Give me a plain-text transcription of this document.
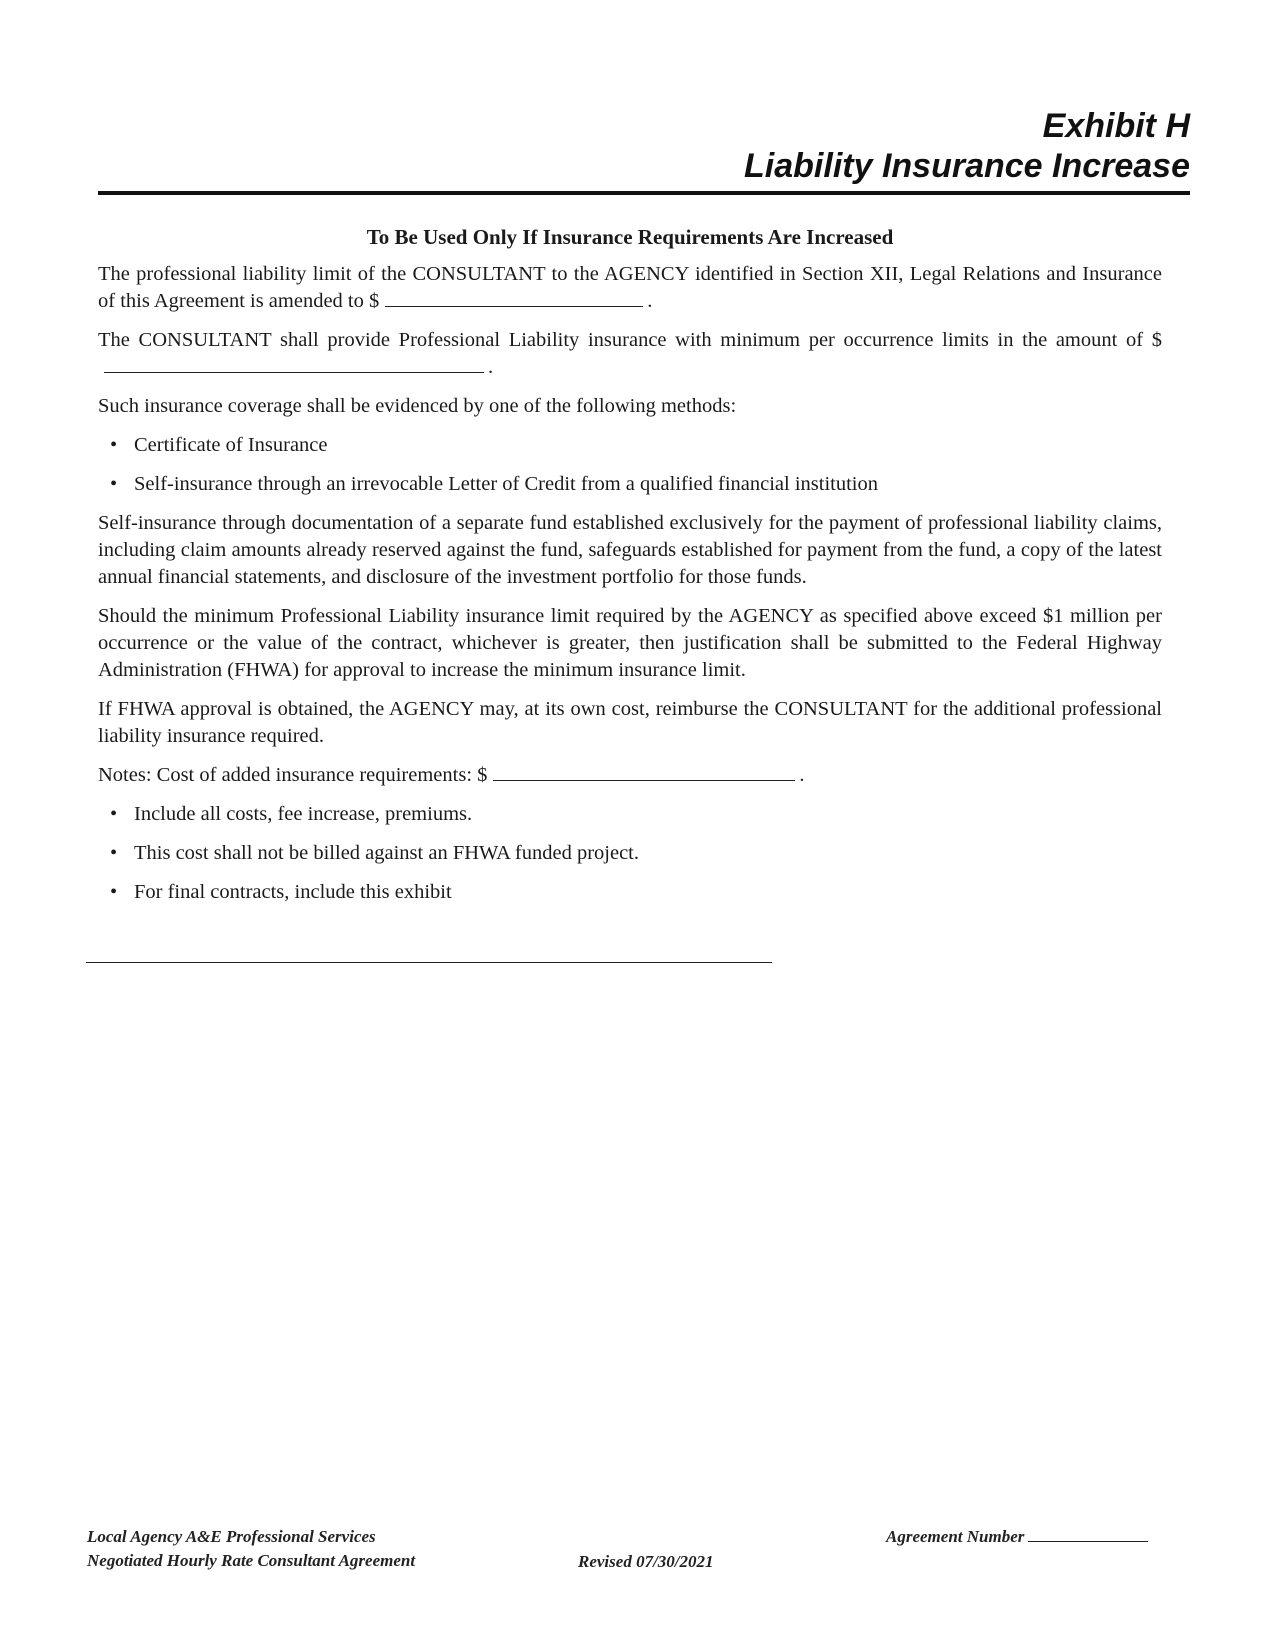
Exhibit H
Liability Insurance Increase
To Be Used Only If Insurance Requirements Are Increased

The professional liability limit of the CONSULTANT to the AGENCY identified in Section XII, Legal Relations and Insurance of this Agreement is amended to $	.

The CONSULTANT shall provide Professional Liability insurance with minimum per occurrence limits in the amount of $.

Such insurance coverage shall be evidenced by one of the following methods:

• Certificate of Insurance
• Self-insurance through an irrevocable Letter of Credit from a qualified financial institution

Self-insurance through documentation of a separate fund established exclusively for the payment of professional liability claims, including claim amounts already reserved against the fund, safeguards established for payment from the fund, a copy of the latest annual financial statements, and disclosure of the investment portfolio for those funds.

Should the minimum Professional Liability insurance limit required by the AGENCY as specified above exceed $1 million per occurrence or the value of the contract, whichever is greater, then justification shall be submitted to the Federal Highway Administration (FHWA) for approval to increase the minimum insurance limit.

If FHWA approval is obtained, the AGENCY may, at its own cost, reimburse the CONSULTANT for the additional professional liability insurance required.

Notes: Cost of added insurance requirements: $	.

• Include all costs, fee increase, premiums.
• This cost shall not be billed against an FHWA funded project.
• For final contracts, include this exhibit
Local Agency A&E Professional Services
Negotiated Hourly Rate Consultant Agreement	Revised 07/30/2021
Agreement Number
